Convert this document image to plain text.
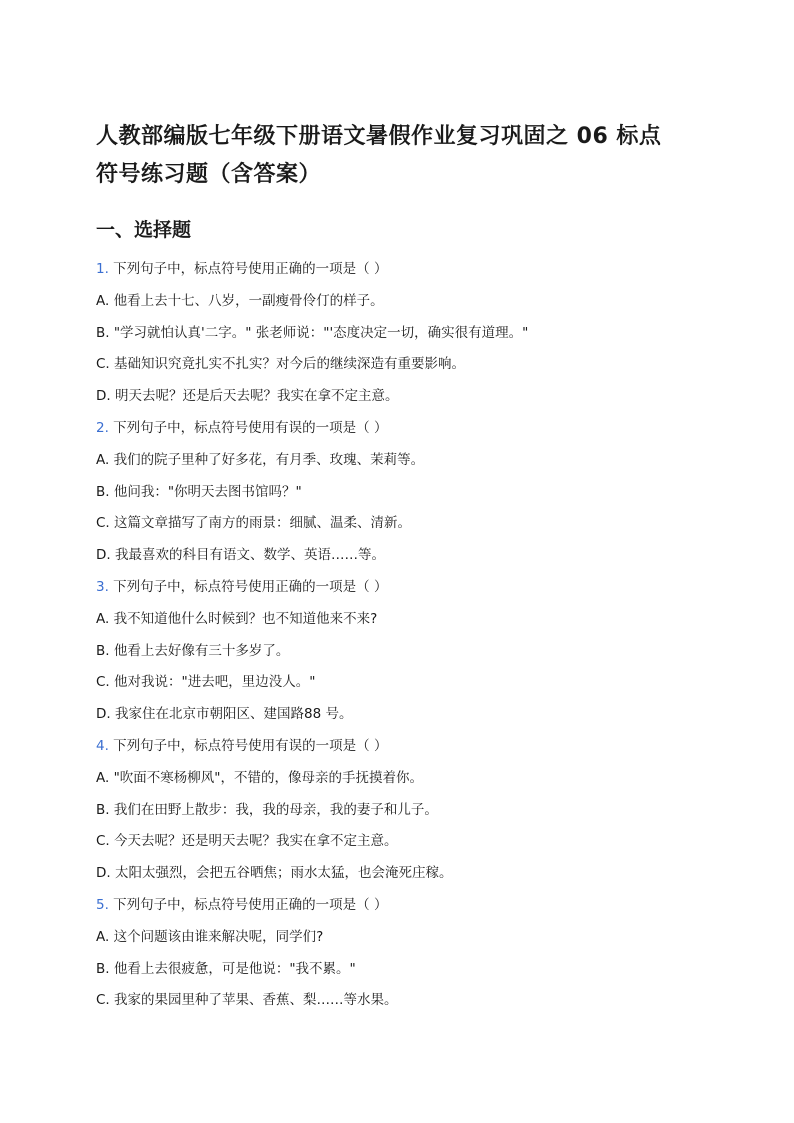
人教部编版七年级下册语文暑假作业复习巩固之 06 标点
符号练习题（含答案）
一、选择题
1. 下列句子中，标点符号使用正确的一项是（ ）
A. 他看上去十七、八岁，一副瘦骨伶仃的样子。
B. "学习就怕认真'二字。" 张老师说："'态度决定一切，确实很有道理。"
C. 基础知识究竟扎实不扎实？对今后的继续深造有重要影响。
D. 明天去呢？还是后天去呢？我实在拿不定主意。
2. 下列句子中，标点符号使用有误的一项是（ ）
A. 我们的院子里种了好多花，有月季、玫瑰、茉莉等。
B. 他问我："你明天去图书馆吗？"
C. 这篇文章描写了南方的雨景：细腻、温柔、清新。
D. 我最喜欢的科目有语文、数学、英语……等。
3. 下列句子中，标点符号使用正确的一项是（ ）
A. 我不知道他什么时候到？也不知道他来不来?
B. 他看上去好像有三十多岁了。
C. 他对我说："进去吧，里边没人。"
D. 我家住在北京市朝阳区、建国路88 号。
4. 下列句子中，标点符号使用有误的一项是（ ）
A. "吹面不寒杨柳风"，不错的，像母亲的手抚摸着你。
B. 我们在田野上散步：我，我的母亲，我的妻子和儿子。
C. 今天去呢？还是明天去呢？我实在拿不定主意。
D. 太阳太强烈，会把五谷晒焦；雨水太猛，也会淹死庄稼。
5. 下列句子中，标点符号使用正确的一项是（ ）
A. 这个问题该由谁来解决呢，同学们?
B. 他看上去很疲惫，可是他说："我不累。"
C. 我家的果园里种了苹果、香蕉、梨……等水果。
